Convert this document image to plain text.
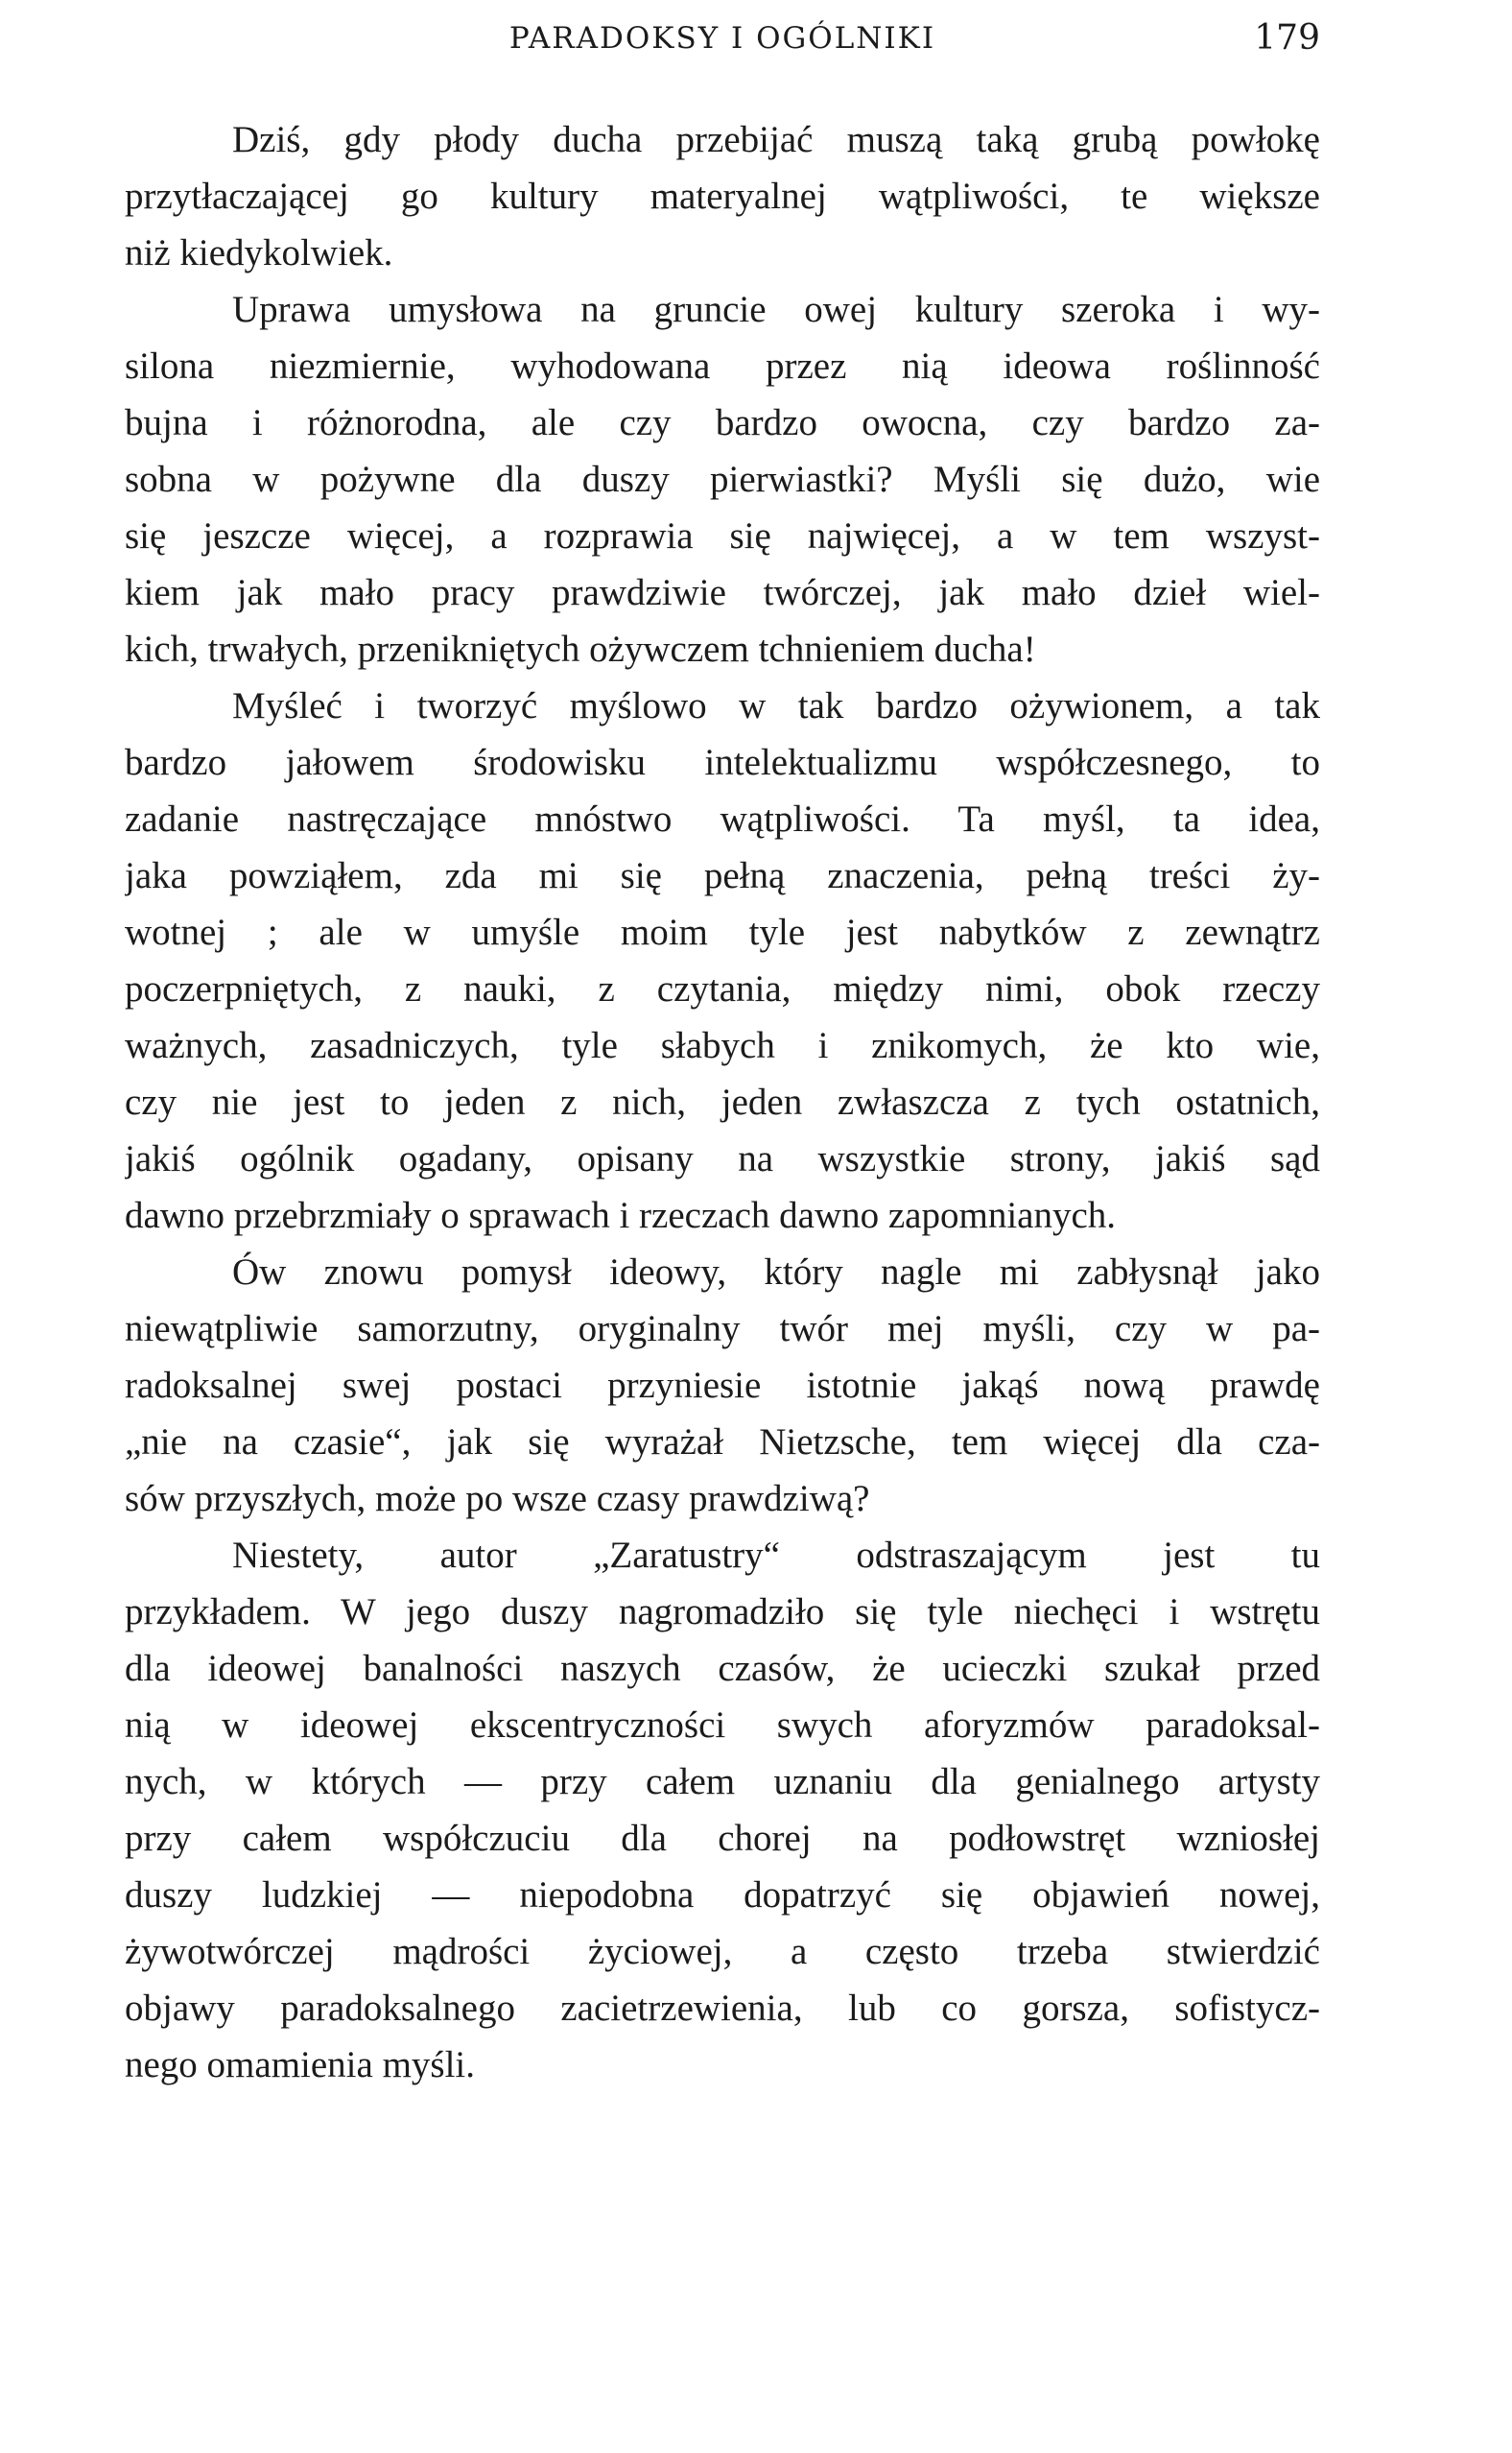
PARADOKSY I OGÓLNIKI	179
Dziś, gdy płody ducha przebijać muszą taką grubą powłokę
przytłaczającej go kultury materyalnej wątpliwości, te większe
niż kiedykolwiek.
Uprawa umysłowa na gruncie owej kultury szeroka i wy-
silona niezmiernie, wyhodowana przez nią ideowa roślinność
bujna i różnorodna, ale czy bardzo owocna, czy bardzo za-
sobna w pożywne dla duszy pierwiastki? Myśli się dużo, wie
się jeszcze więcej, a rozprawia się najwięcej, a w tem wszyst-
kiem jak mało pracy prawdziwie twórczej, jak mało dzieł wiel-
kich, trwałych, przenikniętych ożywczem tchnieniem ducha!
Myśleć i tworzyć myślowo w tak bardzo ożywionem, a tak
bardzo jałowem środowisku intelektualizmu współczesnego, to
zadanie nastręczające mnóstwo wątpliwości. Ta myśl, ta idea,
jaka powziąłem, zda mi się pełną znaczenia, pełną treści ży-
wotnej ; ale w umyśle moim tyle jest nabytków z zewnątrz
poczerpniętych, z nauki, z czytania, między nimi, obok rzeczy
ważnych, zasadniczych, tyle słabych i znikomych, że kto wie,
czy nie jest to jeden z nich, jeden zwłaszcza z tych ostatnich,
jakiś ogólnik ogadany, opisany na wszystkie strony, jakiś sąd
dawno przebrzmiały o sprawach i rzeczach dawno zapomnianych.
Ów znowu pomysł ideowy, który nagle mi zabłysnął jako
niewątpliwie samorzutny, oryginalny twór mej myśli, czy w pa-
radoksalnej swej postaci przyniesie istotnie jakąś nową prawdę
„nie na czasie“, jak się wyrażał Nietzsche, tem więcej dla cza-
sów przyszłych, może po wsze czasy prawdziwą?
Niestety, autor „Zaratustry“ odstraszającym jest tu
przykładem. W jego duszy nagromadziło się tyle niechęci i wstrętu
dla ideowej banalności naszych czasów, że ucieczki szukał przed
nią w ideowej ekscentryczności swych aforyzmów paradoksal-
nych, w których — przy całem uznaniu dla genialnego artysty
przy całem współczuciu dla chorej na podłowstręt wzniosłej
duszy ludzkiej — niepodobna dopatrzyć się objawień nowej,
żywotwórczej mądrości życiowej, a często trzeba stwierdzić
objawy paradoksalnego zacietrzewienia, lub co gorsza, sofistycz-
nego omamienia myśli.
